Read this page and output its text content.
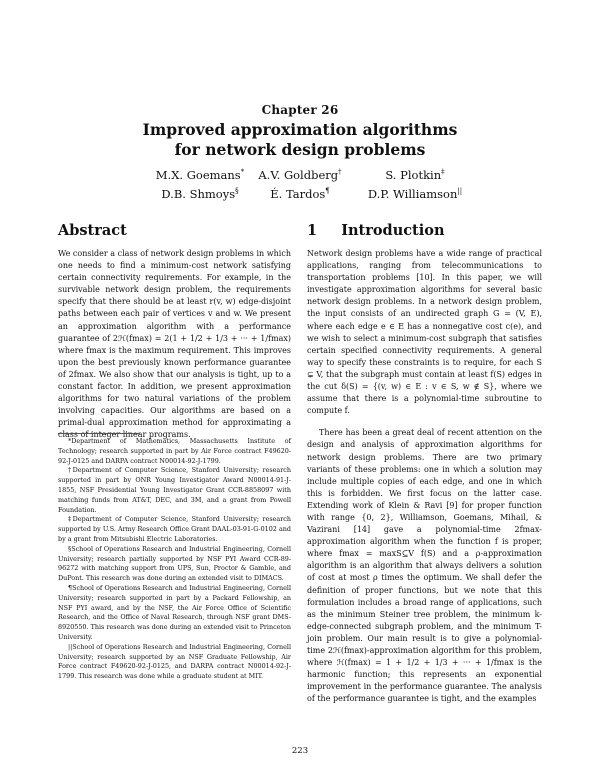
Chapter 26
Improved approximation algorithms
for network design problems
M.X. Goemans*	A.V. Goldberg†	S. Plotkin‡
D.B. Shmoys§	É. Tardos¶	D.P. Williamson||
Abstract	1 Introduction

We consider a class of network design problems in which one needs to find a minimum-cost network satisfying certain connectivity requirements. For example, in the survivable network design problem, the requirements specify that there should be at least r(v, w) edge-disjoint paths between each pair of vertices v and w. We present an approximation algorithm with a performance guarantee of 2ℋ(fmax) = 2(1 + 1/2 + 1/3 + ··· + 1/fmax) where fmax is the maximum requirement. This improves upon the best previously known performance guarantee of 2fmax. We also show that our analysis is tight, up to a constant factor. In addition, we present approximation algorithms for two natural variations of the problem involving capacities. Our algorithms are based on a primal-dual approximation method for approximating a class of integer linear programs.

*Department of Mathematics, Massachusetts Institute of Technology; research supported in part by Air Force contract F49620-92-J-0125 and DARPA contract N00014-92-J-1799.

†Department of Computer Science, Stanford University; research supported in part by ONR Young Investigator Award N00014-91-J-1855, NSF Presidential Young Investigator Grant CCR-8858097 with matching funds from AT&T, DEC, and 3M, and a grant from Powell Foundation.

‡Department of Computer Science, Stanford University; research supported by U.S. Army Research Office Grant DAAL-03-91-G-0102 and by a grant from Mitsubishi Electric Laboratories.

§School of Operations Research and Industrial Engineering, Cornell University; research partially supported by NSF PYI Award CCR-89-96272 with matching support from UPS, Sun, Proctor & Gamble, and DuPont. This research was done during an extended visit to DIMACS.

¶School of Operations Research and Industrial Engineering, Cornell University; research supported in part by a Packard Fellowship, an NSF PYI award, and by the NSF, the Air Force Office of Scientific Research, and the Office of Naval Research, through NSF grant DMS-8920550. This research was done during an extended visit to Princeton University.

||School of Operations Research and Industrial Engineering, Cornell University; research supported by an NSF Graduate Fellowship, Air Force contract F49620-92-J-0125, and DARPA contract N00014-92-J-1799. This research was done while a graduate student at MIT.

Network design problems have a wide range of practical applications, ranging from telecommunications to transportation problems [10]. In this paper, we will investigate approximation algorithms for several basic network design problems. In a network design problem, the input consists of an undirected graph G = (V, E), where each edge e ∈ E has a nonnegative cost c(e), and we wish to select a minimum-cost subgraph that satisfies certain specified connectivity requirements. A general way to specify these constraints is to require, for each S ⊊ V, that the subgraph must contain at least f(S) edges in the cut δ(S) = {(v, w) ∈ E : v ∈ S, w ∉ S}, where we assume that there is a polynomial-time subroutine to compute f.

There has been a great deal of recent attention on the design and analysis of approximation algorithms for network design problems. There are two primary variants of these problems: one in which a solution may include multiple copies of each edge, and one in which this is forbidden. We first focus on the latter case. Extending work of Klein & Ravi [9] for proper function with range {0, 2}, Williamson, Goemans, Mihail, & Vazirani [14] gave a polynomial-time 2fmax-approximation algorithm when the function f is proper, where fmax = maxS⊆V f(S) and a ρ-approximation algorithm is an algorithm that always delivers a solution of cost at most ρ times the optimum. We shall defer the definition of proper functions, but we note that this formulation includes a broad range of applications, such as the minimum Steiner tree problem, the minimum k-edge-connected subgraph problem, and the minimum T-join problem. Our main result is to give a polynomial-time 2ℋ(fmax)-approximation algorithm for this problem, where ℋ(fmax) = 1 + 1/2 + 1/3 + ··· + 1/fmax is the harmonic function; this represents an exponential improvement in the performance guarantee. The analysis of the performance guarantee is tight, and the examples

223
